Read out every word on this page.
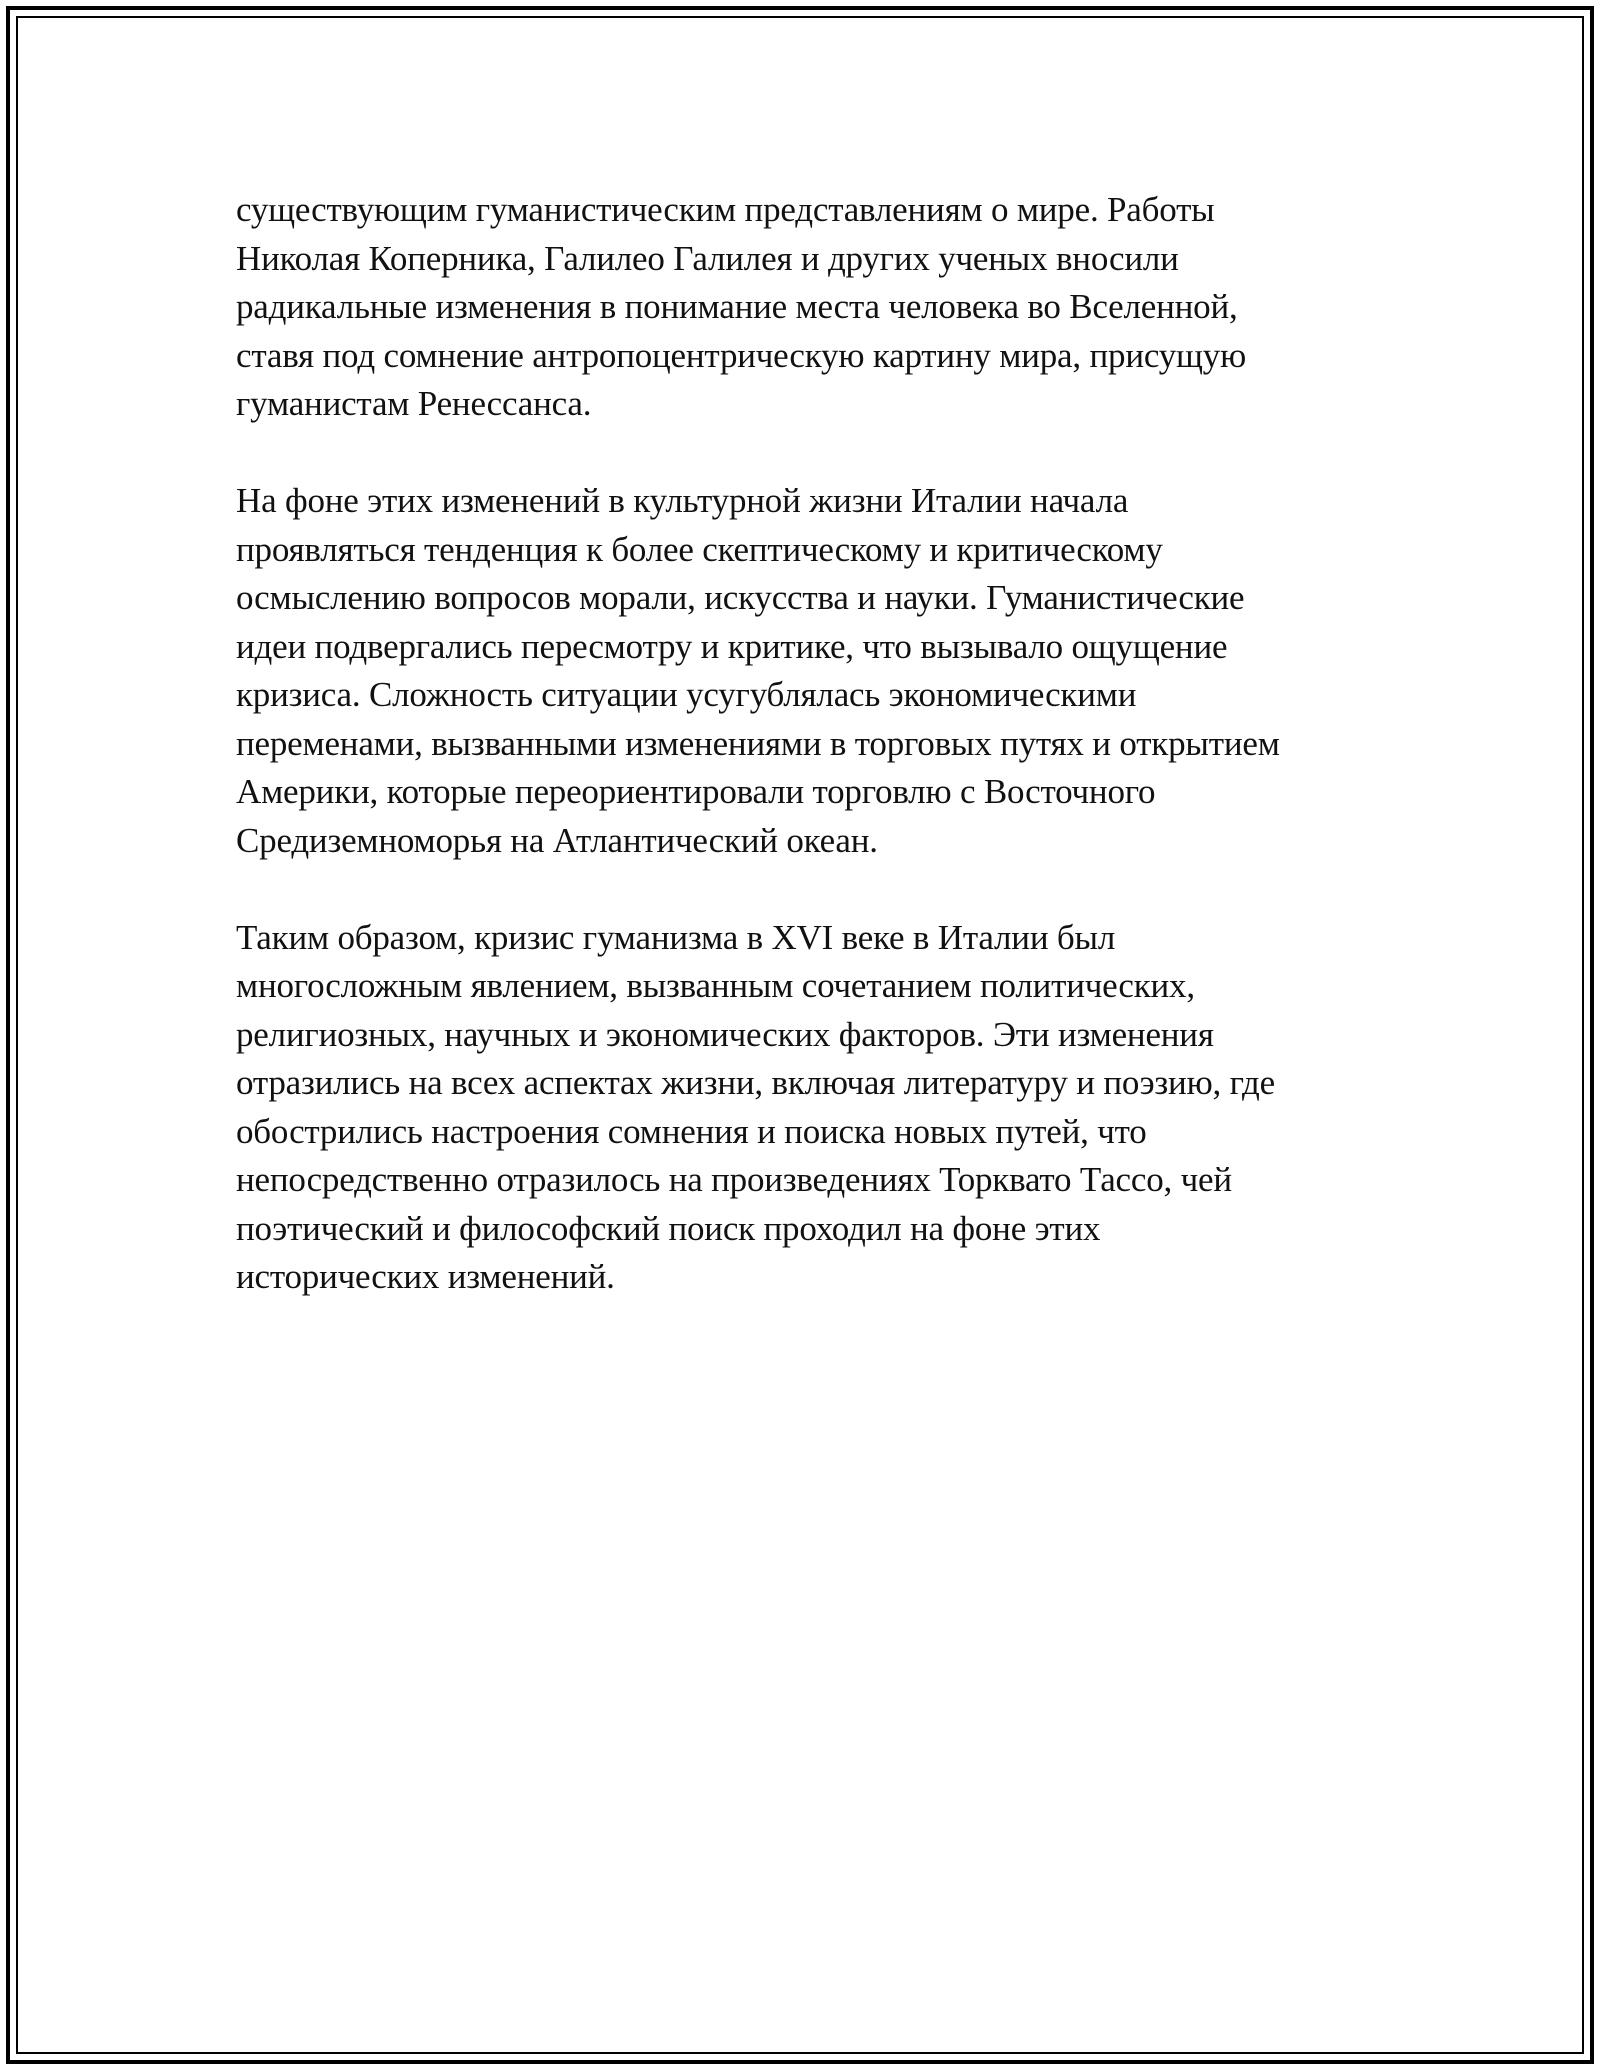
существующим гуманистическим представлениям о мире. Работы
Николая Коперника, Галилео Галилея и других ученых вносили
радикальные изменения в понимание места человека во Вселенной,
ставя под сомнение антропоцентрическую картину мира, присущую
гуманистам Ренессанса.

На фоне этих изменений в культурной жизни Италии начала
проявляться тенденция к более скептическому и критическому
осмыслению вопросов морали, искусства и науки. Гуманистические
идеи подвергались пересмотру и критике, что вызывало ощущение
кризиса. Сложность ситуации усугублялась экономическими
переменами, вызванными изменениями в торговых путях и открытием
Америки, которые переориентировали торговлю с Восточного
Средиземноморья на Атлантический океан.

Таким образом, кризис гуманизма в XVI веке в Италии был
многосложным явлением, вызванным сочетанием политических,
религиозных, научных и экономических факторов. Эти изменения
отразились на всех аспектах жизни, включая литературу и поэзию, где
обострились настроения сомнения и поиска новых путей, что
непосредственно отразилось на произведениях Торквато Тассо, чей
поэтический и философский поиск проходил на фоне этих
исторических изменений.
